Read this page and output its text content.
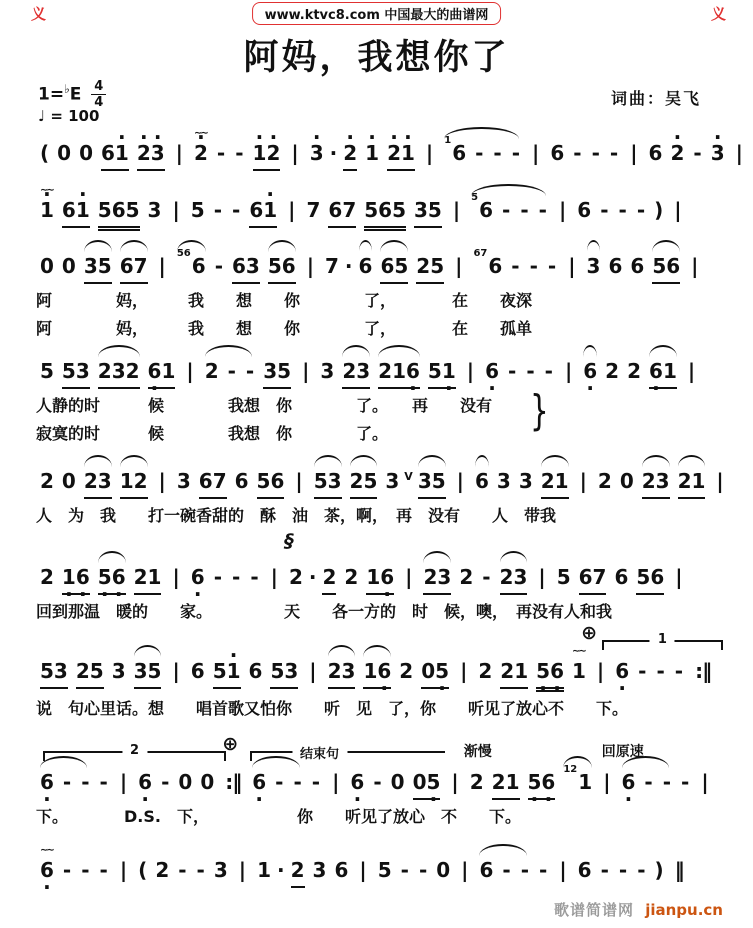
义	www.ktvc8.com 中国最大的曲谱网	义
阿妈，我想你了
$1=^♭E \frac{4}{4}$
♩ = 100
词曲：吴飞
( 0 0 6· 1 · 2· 3 | · 2
∼∼
- - · 1· 2 | · 3 · · 2 · 1 · 2· 1 $|^16$ - - - | 6 - - - | 6 · 2 - · 3 |
· 1
∼∼
6· 1 565 3 | 5 - - 6· 1 | 7 67 565 35 $|^56$ - - - | 6 - - - ) |
0 0 35 67 $|^{56}6 - 63$ 56 | 7 · 6 65 25 $|^{67}6$ - - - | 3 6 6 56 |
阿　　　　妈，　　　我　　想　　你　　　　了，　　　　在　　夜深
阿　　　　妈，　　　我　　想　　你　　　　了，　　　　在　　孤单
5 53 232 6 ·1 | 2 - - 35 | 3 23 216 · 51 · | 6 · - - - | 6 · 2 2 6 ·1 |
人静的时　　　候　　　　我想　你　　　　了。　　再　　没有
寂寞的时　　　候　　　　我想　你　　　　了。	}
2 0 23 12 | 3 67 6 56 | 53 25 3 V 35 | 6 3 3 21 | 2 0 23 21 |
人　为　我　　打一碗香甜的　酥　油　茶，啊，　再　没有　　人　带我
§
2 1 ·6 · 5 ·6 · 21 | 6 · - - - | 2 · 2 2 16 · | 23 2 - 23 | 5 67 6 56 |
回到那温　暖的　　家。　　　　　天　　各一方的　时　候，噢，　再没有人和我
⊕	1
53 25 3 35 | 6 5· 1 6 53 | 23 16 · 2 05 · | 2 21 5 ·6 · 1
∼∼
| 6 · - - - :‖
说　句心里话。想　　唱首歌又怕你　　听　见　了，你　　听见了放心不　　下。
2	⊕	结束句	渐慢	回原速
6 · - - - | 6 · - 0 0 :‖ 6 · - - - | 6 · - 0 05 · | 2 21 5 ·6 ·$^{12}$1 | 6 · - - - |
下。　　　　D.S.　下，　　　　　　你　　听见了放心　不　　下。
6 ·
∼∼
- - - | ( 2 - - 3 | 1 · 2 3 6 | 5 - - 0 | 6 - - - | 6 - - - ) ‖
歌谱简谱网 jianpu.cn
